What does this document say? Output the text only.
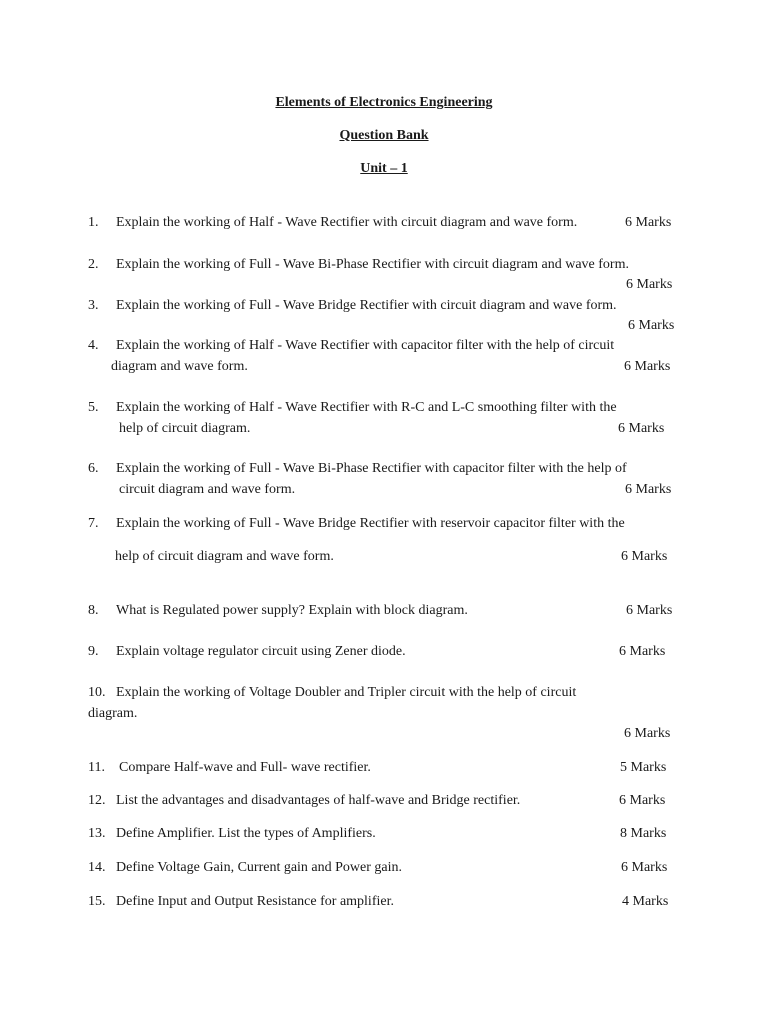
Elements of Electronics Engineering
Question Bank
Unit – 1
1. Explain the working of Half - Wave Rectifier with circuit diagram and wave form.	6 Marks
2. Explain the working of Full - Wave Bi-Phase Rectifier with circuit diagram and wave form.
6 Marks
3. Explain the working of Full - Wave Bridge Rectifier with circuit diagram and wave form.
6 Marks
4. Explain the working of Half - Wave Rectifier with capacitor filter with the help of circuit
diagram and wave form.	6 Marks
5. Explain the working of Half - Wave Rectifier with R-C and L-C smoothing filter with the
help of circuit diagram.	6 Marks
6. Explain the working of Full - Wave Bi-Phase Rectifier with capacitor filter with the help of
circuit diagram and wave form.	6 Marks
7. Explain the working of Full - Wave Bridge Rectifier with reservoir capacitor filter with the
help of circuit diagram and wave form.	6 Marks
8. What is Regulated power supply? Explain with block diagram.	6 Marks
9. Explain voltage regulator circuit using Zener diode.	6 Marks
10. Explain the working of Voltage Doubler and Tripler circuit with the help of circuit
diagram.
6 Marks
11. Compare Half-wave and Full- wave rectifier.	5 Marks
12. List the advantages and disadvantages of half-wave and Bridge rectifier.	6 Marks
13. Define Amplifier. List the types of Amplifiers.	8 Marks
14. Define Voltage Gain, Current gain and Power gain.	6 Marks
15. Define Input and Output Resistance for amplifier.	4 Marks
